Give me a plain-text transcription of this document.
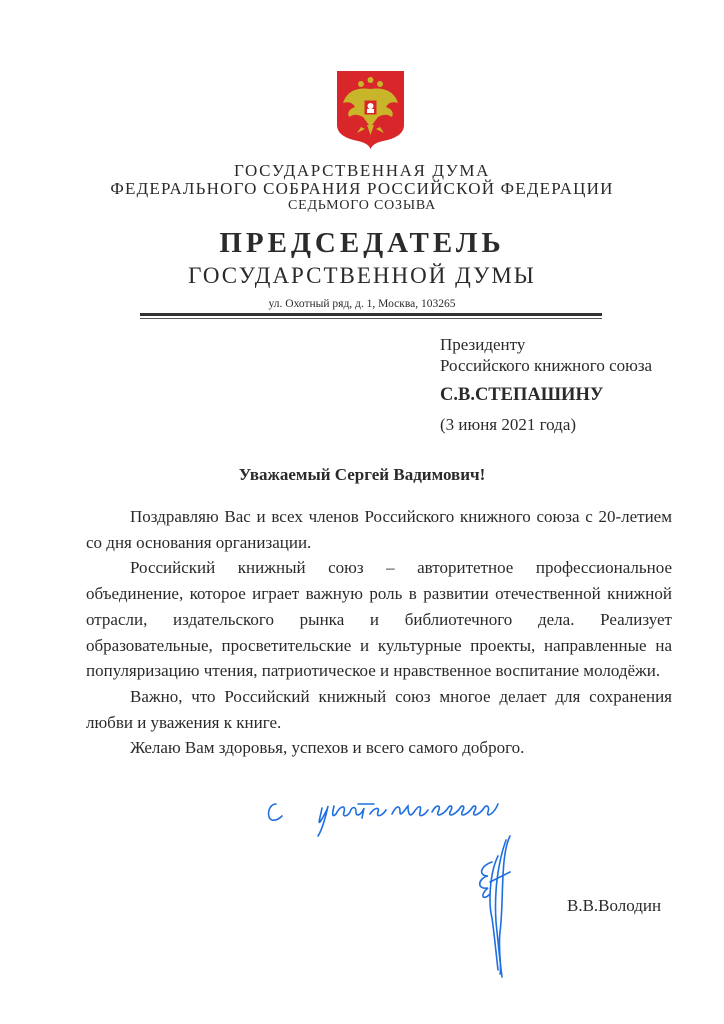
ГОСУДАРСТВЕННАЯ ДУМА
ФЕДЕРАЛЬНОГО СОБРАНИЯ РОССИЙСКОЙ ФЕДЕРАЦИИ
СЕДЬМОГО СОЗЫВА
ПРЕДСЕДАТЕЛЬ
ГОСУДАРСТВЕННОЙ ДУМЫ
ул. Охотный ряд, д. 1, Москва, 103265
Президенту
Российского книжного союза
С.В.СТЕПАШИНУ
(3 июня 2021 года)
Уважаемый Сергей Вадимович!

Поздравляю Вас и всех членов Российского книжного союза с 20-летием со дня основания организации.

Российский книжный союз – авторитетное профессиональное объединение, которое играет важную роль в развитии отечественной книжной отрасли, издательского рынка и библиотечного дела. Реализует образовательные, просветительские и культурные проекты, направленные на популяризацию чтения, патриотическое и нравственное воспитание молодёжи.

Важно, что Российский книжный союз многое делает для сохранения любви и уважения к книге.

Желаю Вам здоровья, успехов и всего самого доброго.

В.В.Володин
